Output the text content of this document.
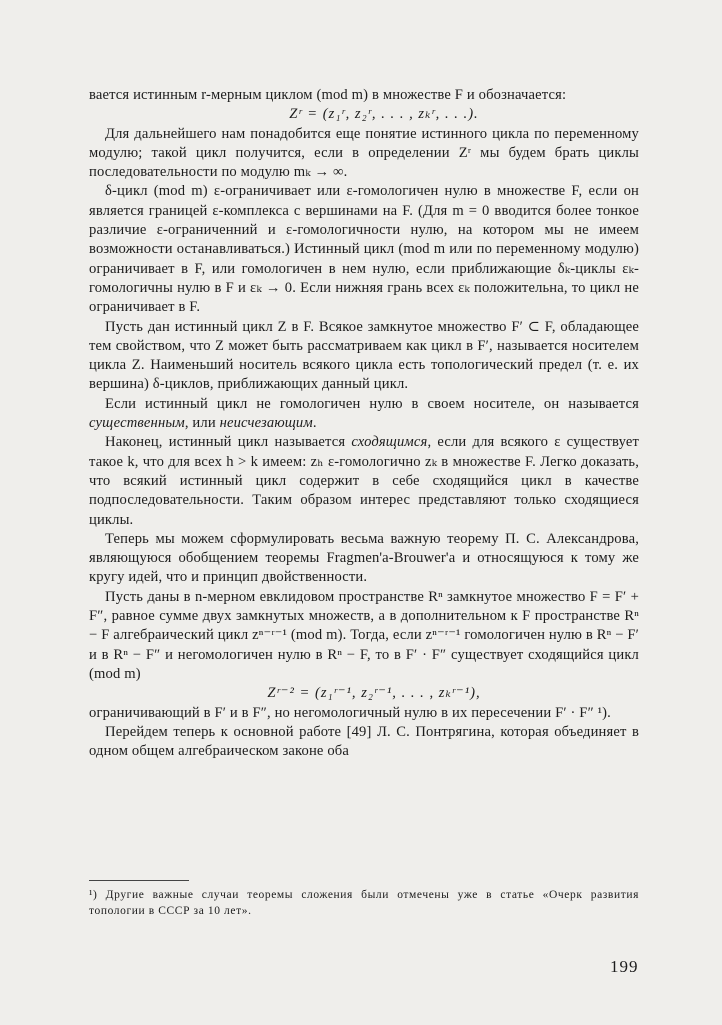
вается истинным r-мерным циклом (mod m) в множестве F и обозначается:

Zʳ = (z₁ʳ, z₂ʳ, . . . , zₖʳ, . . .).

Для дальнейшего нам понадобится еще понятие истинного цикла по переменному модулю; такой цикл получится, если в определении Zʳ мы будем брать циклы последовательности по модулю mₖ → ∞.

δ-цикл (mod m) ε-ограничивает или ε-гомологичен нулю в множестве F, если он является границей ε-комплекса с вершинами на F. (Для m = 0 вводится более тонкое различие ε-ограниченний и ε-гомологичности нулю, на котором мы не имеем возможности останавливаться.) Истинный цикл (mod m или по переменному модулю) ограничивает в F, или гомологичен в нем нулю, если приближающие δₖ-циклы εₖ-гомологичны нулю в F и εₖ → 0. Если нижняя грань всех εₖ положительна, то цикл не ограничивает в F.

Пусть дан истинный цикл Z в F. Всякое замкнутое множество F′ ⊂ F, обладающее тем свойством, что Z может быть рассматриваем как цикл в F′, называется носителем цикла Z. Наименьший носитель всякого цикла есть топологический предел (т. е. их вершина) δ-циклов, приближающих данный цикл.

Если истинный цикл не гомологичен нулю в своем носителе, он называется существенным, или неисчезающим.

Наконец, истинный цикл называется сходящимся, если для всякого ε существует такое k, что для всех h > k имеем: zₕ ε-гомологично zₖ в множестве F. Легко доказать, что всякий истинный цикл содержит в себе сходящийся цикл в качестве подпоследовательности. Таким образом интерес представляют только сходящиеся циклы.

Теперь мы можем сформулировать весьма важную теорему П. С. Александрова, являющуюся обобщением теоремы Fragmen'a-Brouwer'a и относящуюся к тому же кругу идей, что и принцип двойственности.

Пусть даны в n-мерном евклидовом пространстве Rⁿ замкнутое множество F = F′ + F″, равное сумме двух замкнутых множеств, а в дополнительном к F пространстве Rⁿ − F алгебраический цикл zⁿ⁻ʳ⁻¹ (mod m). Тогда, если zⁿ⁻ʳ⁻¹ гомологичен нулю в Rⁿ − F′ и в Rⁿ − F″ и негомологичен нулю в Rⁿ − F, то в F′ · F″ существует сходящийся цикл (mod m)

Zʳ⁻² = (z₁ʳ⁻¹, z₂ʳ⁻¹, . . . , zₖʳ⁻¹),

ограничивающий в F′ и в F″, но негомологичный нулю в их пересечении F′ · F″ ¹).

Перейдем теперь к основной работе [49] Л. С. Понтрягина, которая объединяет в одном общем алгебраическом законе оба

¹) Другие важные случаи теоремы сложения были отмечены уже в статье «Очерк развития топологии в СССР за 10 лет».
199
